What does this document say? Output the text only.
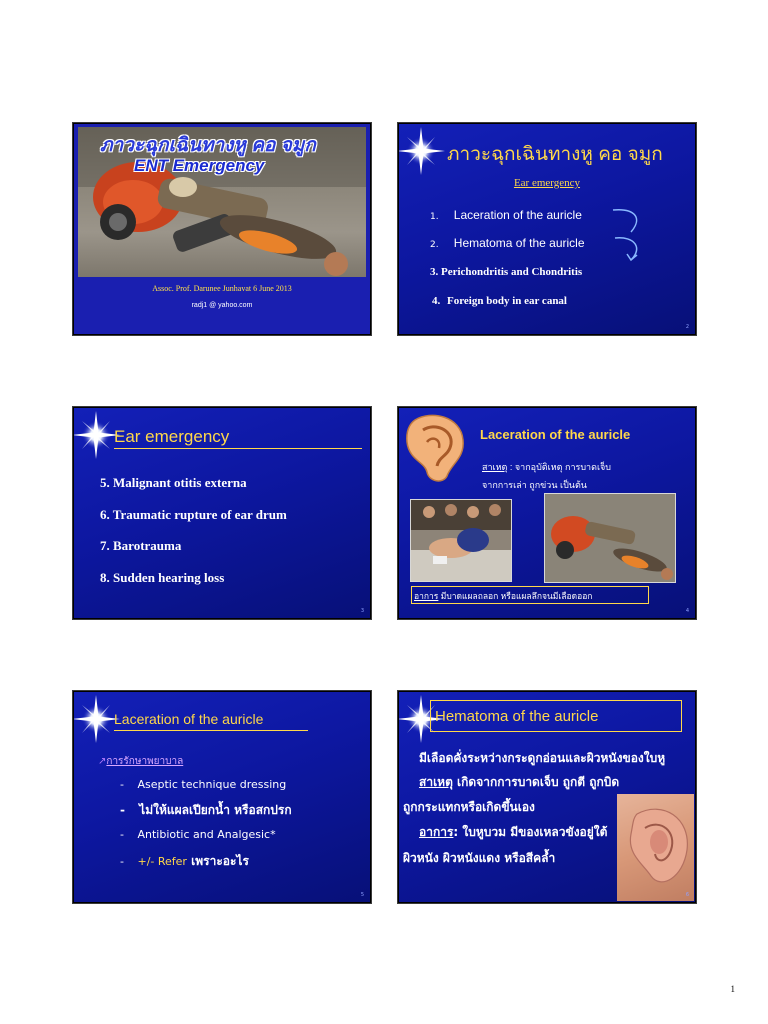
ภาวะฉุกเฉินทางหู คอ จมูก
ENT Emergency
Assoc. Prof. Darunee Junhavat 6 June 2013
radj1 @ yahoo.com
ภาวะฉุกเฉินทางหู คอ จมูก
Ear emergency
1. Laceration of the auricle
2. Hematoma of the auricle
3. Perichondritis and Chondritis
4. Foreign body in ear canal
2
Ear emergency
5. Malignant otitis externa
6. Traumatic rupture of ear drum
7. Barotrauma
8. Sudden hearing loss
3
Laceration of the auricle
สาเหตุ : จากอุบัติเหตุ การบาดเจ็บ
จากการเล่า ถูกข่วน เป็นต้น
อาการ มีบาดแผลถลอก หรือแผลลึกจนมีเลือดออก
4
Laceration of the auricle
↗การรักษาพยาบาล
- Aseptic technique dressing
- ไม่ให้แผลเปียกน้ำ หรือสกปรก
- Antibiotic and Analgesic*
- +/- Refer เพราะอะไร
5
Hematoma of the auricle
มีเลือดคั่งระหว่างกระดูกอ่อนและผิวหนังของใบหู
สาเหตุ เกิดจากการบาดเจ็บ ถูกตี ถูกบิด
ถูกกระแทกหรือเกิดขึ้นเอง
อาการ: ใบหูบวม มีของเหลวขังอยู่ใต้
ผิวหนัง ผิวหนังแดง หรือสีคล้ำ
6
1
